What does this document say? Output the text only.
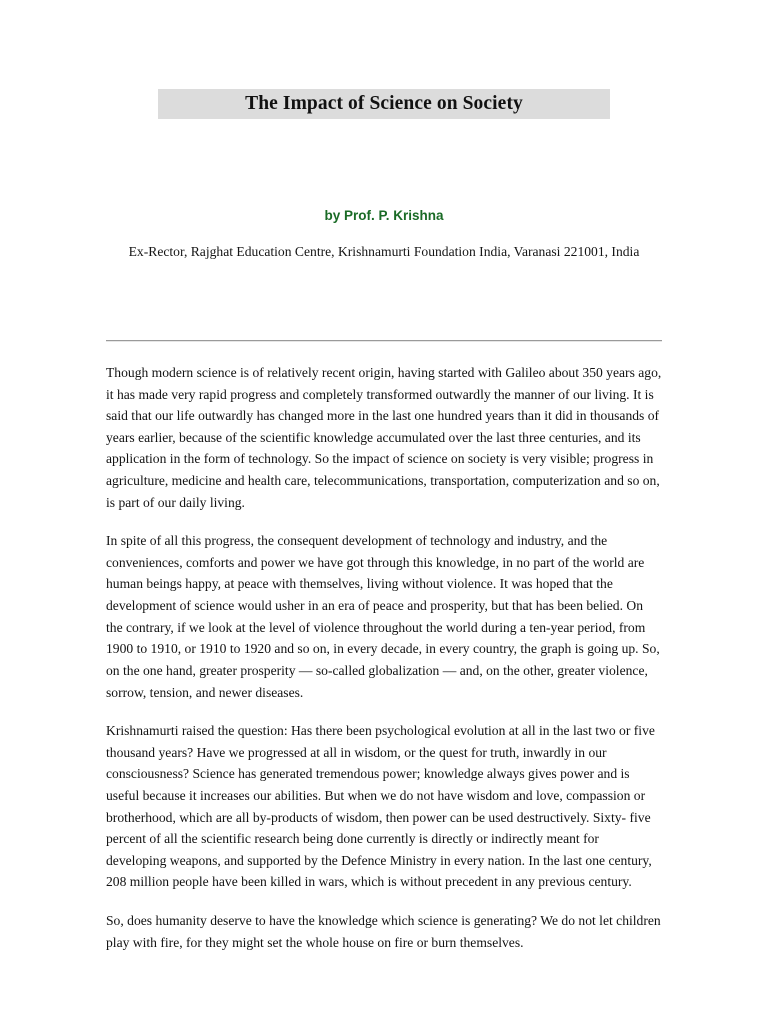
The Impact of Science on Society
by Prof. P. Krishna
Ex-Rector, Rajghat Education Centre, Krishnamurti Foundation India, Varanasi 221001, India

Though modern science is of relatively recent origin, having started with Galileo about 350 years ago, it has made very rapid progress and completely transformed outwardly the manner of our living. It is said that our life outwardly has changed more in the last one hundred years than it did in thousands of years earlier, because of the scientific knowledge accumulated over the last three centuries, and its application in the form of technology. So the impact of science on society is very visible; progress in agriculture, medicine and health care, telecommunications, transportation, computerization and so on, is part of our daily living.

In spite of all this progress, the consequent development of technology and industry, and the conveniences, comforts and power we have got through this knowledge, in no part of the world are human beings happy, at peace with themselves, living without violence. It was hoped that the development of science would usher in an era of peace and prosperity, but that has been belied. On the contrary, if we look at the level of violence throughout the world during a ten-year period, from 1900 to 1910, or 1910 to 1920 and so on, in every decade, in every country, the graph is going up. So, on the one hand, greater prosperity — so-called globalization — and, on the other, greater violence, sorrow, tension, and newer diseases.

Krishnamurti raised the question: Has there been psychological evolution at all in the last two or five thousand years? Have we progressed at all in wisdom, or the quest for truth, inwardly in our consciousness? Science has generated tremendous power; knowledge always gives power and is useful because it increases our abilities. But when we do not have wisdom and love, compassion or brotherhood, which are all by-products of wisdom, then power can be used destructively. Sixty- five percent of all the scientific research being done currently is directly or indirectly meant for developing weapons, and supported by the Defence Ministry in every nation. In the last one century, 208 million people have been killed in wars, which is without precedent in any previous century.

So, does humanity deserve to have the knowledge which science is generating? We do not let children play with fire, for they might set the whole house on fire or burn themselves.
